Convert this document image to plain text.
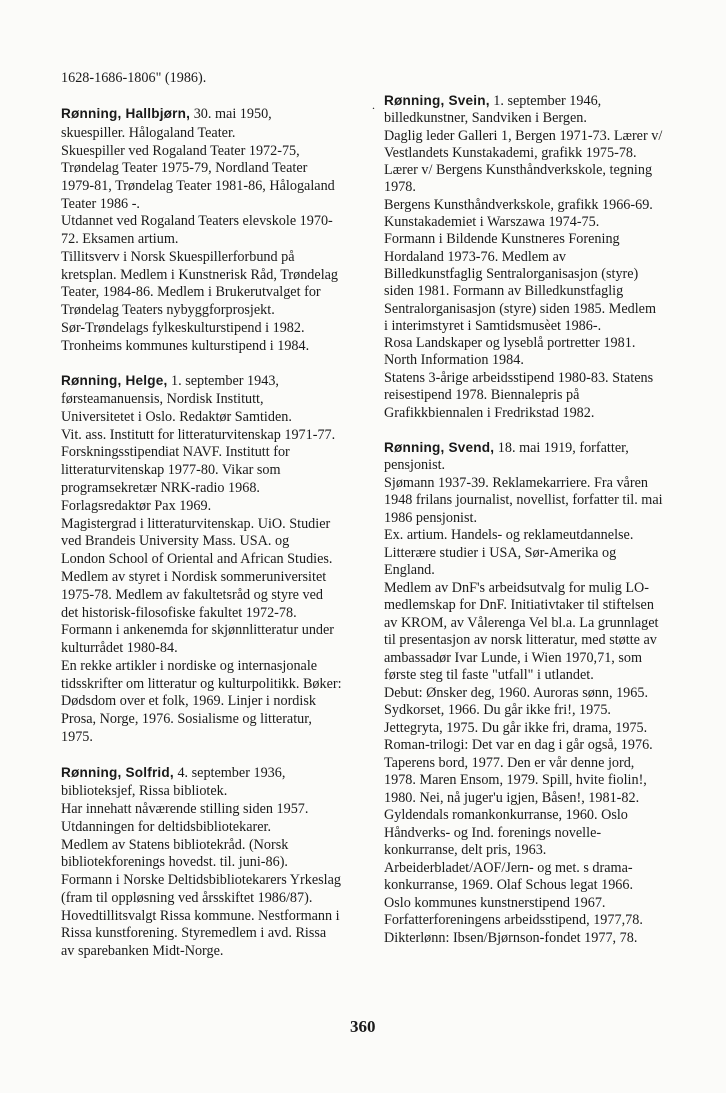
1628-1686-1806" (1986).
Rønning, Hallbjørn, 30. mai 1950,
skuespiller. Hålogaland Teater.
Skuespiller ved Rogaland Teater 1972-75,
Trøndelag Teater 1975-79, Nordland Teater
1979-81, Trøndelag Teater 1981-86, Hålogaland
Teater 1986 -.
Utdannet ved Rogaland Teaters elevskole 1970-
72. Eksamen artium.
Tillitsverv i Norsk Skuespillerforbund på
kretsplan. Medlem i Kunstnerisk Råd, Trøndelag
Teater, 1984-86. Medlem i Brukerutvalget for
Trøndelag Teaters nybyggforprosjekt.
Sør-Trøndelags fylkeskulturstipend i 1982.
Tronheims kommunes kulturstipend i 1984.
Rønning, Helge, 1. september 1943,
førsteamanuensis, Nordisk Institutt,
Universitetet i Oslo. Redaktør Samtiden.
Vit. ass. Institutt for litteraturvitenskap 1971-77.
Forskningsstipendiat NAVF. Institutt for
litteraturvitenskap 1977-80. Vikar som
programsekretær NRK-radio 1968.
Forlagsredaktør Pax 1969.
Magistergrad i litteraturvitenskap. UiO. Studier
ved Brandeis University Mass. USA. og
London School of Oriental and African Studies.
Medlem av styret i Nordisk sommeruniversitet
1975-78. Medlem av fakultetsråd og styre ved
det historisk-filosofiske fakultet 1972-78.
Formann i ankenemda for skjønnlitteratur under
kulturrådet 1980-84.
En rekke artikler i nordiske og internasjonale
tidsskrifter om litteratur og kulturpolitikk. Bøker:
Dødsdom over et folk, 1969. Linjer i nordisk
Prosa, Norge, 1976. Sosialisme og litteratur,
1975.
Rønning, Solfrid, 4. september 1936,
biblioteksjef, Rissa bibliotek.
Har innehatt nåværende stilling siden 1957.
Utdanningen for deltidsbibliotekarer.
Medlem av Statens bibliotekråd. (Norsk
bibliotekforenings hovedst. til. juni-86).
Formann i Norske Deltidsbibliotekarers Yrkeslag
(fram til oppløsning ved årsskiftet 1986/87).
Hovedtillitsvalgt Rissa kommune. Nestformann i
Rissa kunstforening. Styremedlem i avd. Rissa
av sparebanken Midt-Norge.
Rønning, Svein, 1. september 1946,
billedkunstner, Sandviken i Bergen.
Daglig leder Galleri 1, Bergen 1971-73. Lærer v/
Vestlandets Kunstakademi, grafikk 1975-78.
Lærer v/ Bergens Kunsthåndverkskole, tegning
1978.
Bergens Kunsthåndverkskole, grafikk 1966-69.
Kunstakademiet i Warszawa 1974-75.
Formann i Bildende Kunstneres Forening
Hordaland 1973-76. Medlem av
Billedkunstfaglig Sentralorganisasjon (styre)
siden 1981. Formann av Billedkunstfaglig
Sentralorganisasjon (styre) siden 1985. Medlem
i interimstyret i Samtidsmusèet 1986-.
Rosa Landskaper og lyseblå portretter 1981.
North Information 1984.
Statens 3-årige arbeidsstipend 1980-83. Statens
reisestipend 1978. Biennalepris på
Grafikkbiennalen i Fredrikstad 1982.
Rønning, Svend, 18. mai 1919, forfatter,
pensjonist.
Sjømann 1937-39. Reklamekarriere. Fra våren
1948 frilans journalist, novellist, forfatter til. mai
1986 pensjonist.
Ex. artium. Handels- og reklameutdannelse.
Litterære studier i USA, Sør-Amerika og
England.
Medlem av DnF's arbeidsutvalg for mulig LO-
medlemskap for DnF. Initiativtaker til stiftelsen
av KROM, av Vålerenga Vel bl.a. La grunnlaget
til presentasjon av norsk litteratur, med støtte av
ambassadør Ivar Lunde, i Wien 1970,71, som
første steg til faste "utfall" i utlandet.
Debut: Ønsker deg, 1960. Auroras sønn, 1965.
Sydkorset, 1966. Du går ikke fri!, 1975.
Jettegryta, 1975. Du går ikke fri, drama, 1975.
Roman-trilogi: Det var en dag i går også, 1976.
Taperens bord, 1977. Den er vår denne jord,
1978. Maren Ensom, 1979. Spill, hvite fiolin!,
1980. Nei, nå juger'u igjen, Båsen!, 1981-82.
Gyldendals romankonkurranse, 1960. Oslo
Håndverks- og Ind. forenings novelle-
konkurranse, delt pris, 1963.
Arbeiderbladet/AOF/Jern- og met. s drama-
konkurranse, 1969. Olaf Schous legat 1966.
Oslo kommunes kunstnerstipend 1967.
Forfatterforeningens arbeidsstipend, 1977,78.
Dikterlønn: Ibsen/Bjørnson-fondet 1977, 78.
.
360
